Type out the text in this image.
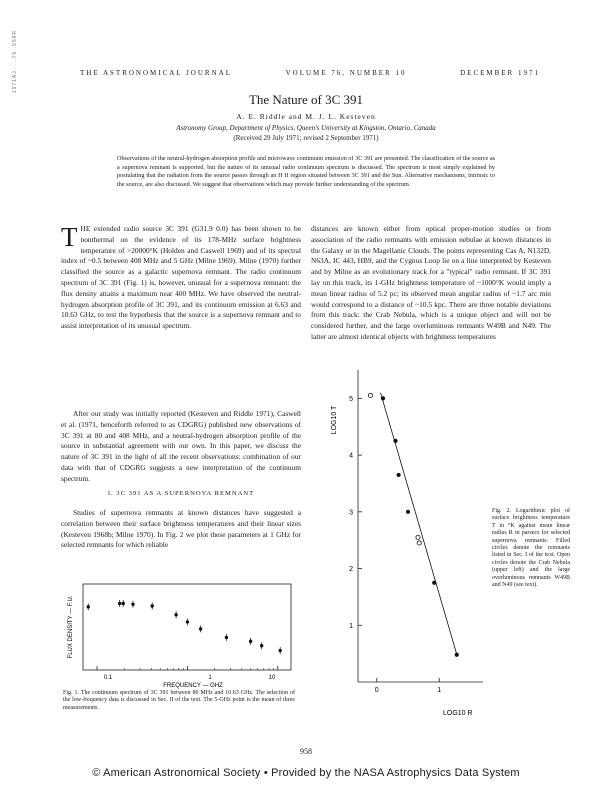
1971AJ.....76..958R	THE ASTRONOMICAL JOURNAL	VOLUME 76, NUMBER 10	DECEMBER 1971
The Nature of 3C 391
A. E. Riddle and M. J. L. Kesteven
Astronomy Group, Department of Physics, Queen's University at Kingston, Ontario, Canada
(Received 29 July 1971; revised 2 September 1971)
Observations of the neutral-hydrogen absorption profile and microwave continuum emission of 3C 391 are presented. The classification of the source as a supernova remnant is supported, but the nature of its unusual radio continuum spectrum is discussed. The spectrum is most simply explained by postulating that the radiation from the source passes through an H II region situated between 3C 391 and the Sun. Alternative mechanisms, intrinsic to the source, are also discussed. We suggest that observations which may provide further understanding of the spectrum.

THE extended radio source 3C 391 (G31.9 0.0) has been shown to be nonthermal on the evidence of its 178-MHz surface brightness temperature of >20000°K (Holden and Caswell 1969) and of its spectral index of ~0.5 between 408 MHz and 5 GHz (Milne 1969). Milne (1970) further classified the source as a galactic supernova remnant. The radio continuum spectrum of 3C 391 (Fig. 1) is, however, unusual for a supernova remnant: the flux density attains a maximum near 400 MHz. We have observed the neutral-hydrogen absorption profile of 3C 391, and its continuum emission at 6.63 and 10.63 GHz, to test the hypothesis that the source is a supernova remnant and to assist interpretation of its unusual spectrum.

After our study was initially reported (Kesteven and Riddle 1971), Caswell et al. (1971, henceforth referred to as CDGRG) published new observations of 3C 391 at 80 and 408 MHz, and a neutral-hydrogen absorption profile of the source in substantial agreement with our own. In this paper, we discuss the nature of 3C 391 in the light of all the recent observations: combination of our data with that of CDGRG suggests a new interpretation of the continuum spectrum.

I. 3C 391 AS A SUPERNOVA REMNANT

Studies of supernova remnants at known distances have suggested a correlation between their surface brightness temperatures and their linear sizes (Kesteven 1968b; Milne 1970). In Fig. 2 we plot these parameters at 1 GHz for selected remnants for which reliable

distances are known either from optical proper-motion studies or from association of the radio remnants with emission nebulae at known distances in the Galaxy or in the Magellanic Clouds. The points representing Cas A, N132D, N63A, IC 443, HB9, and the Cygnus Loop lie on a line interpreted by Kesteven and by Milne as an evolutionary track for a "typical" radio remnant. If 3C 391 lay on this track, its 1-GHz brightness temperature of ~1000°K would imply a mean linear radius of 5.2 pc; its observed mean angular radius of ~1.7 arc min would correspond to a distance of ~10.5 kpc. There are three notable deviations from this track: the Crab Nebula, which is a unique object and will not be considered further, and the large overluminous remnants W49B and N49. The latter are almost identical objects with brightness temperatures

0.1	1	10
FREQUENCY — GHZ
FLUX DENSITY — F.U.
Fig. 1. The continuum spectrum of 3C 391 between 80 MHz and 10.63 GHz. The selection of the low-frequency data is discussed in Sec. II of the text. The 5-GHz point is the mean of three measurements.
1
2
3
4
5
0	1
LOG10 T
LOG10 R
Fig. 2. Logarithmic plot of surface brightness temperature T in °K against mean linear radius R in parsecs for selected supernova remnants. Filled circles denote the remnants listed in Sec. I of the text. Open circles denote the Crab Nebula (upper left) and the large overluminous remnants W49B and N49 (see text).
958
© American Astronomical Society • Provided by the NASA Astrophysics Data System
